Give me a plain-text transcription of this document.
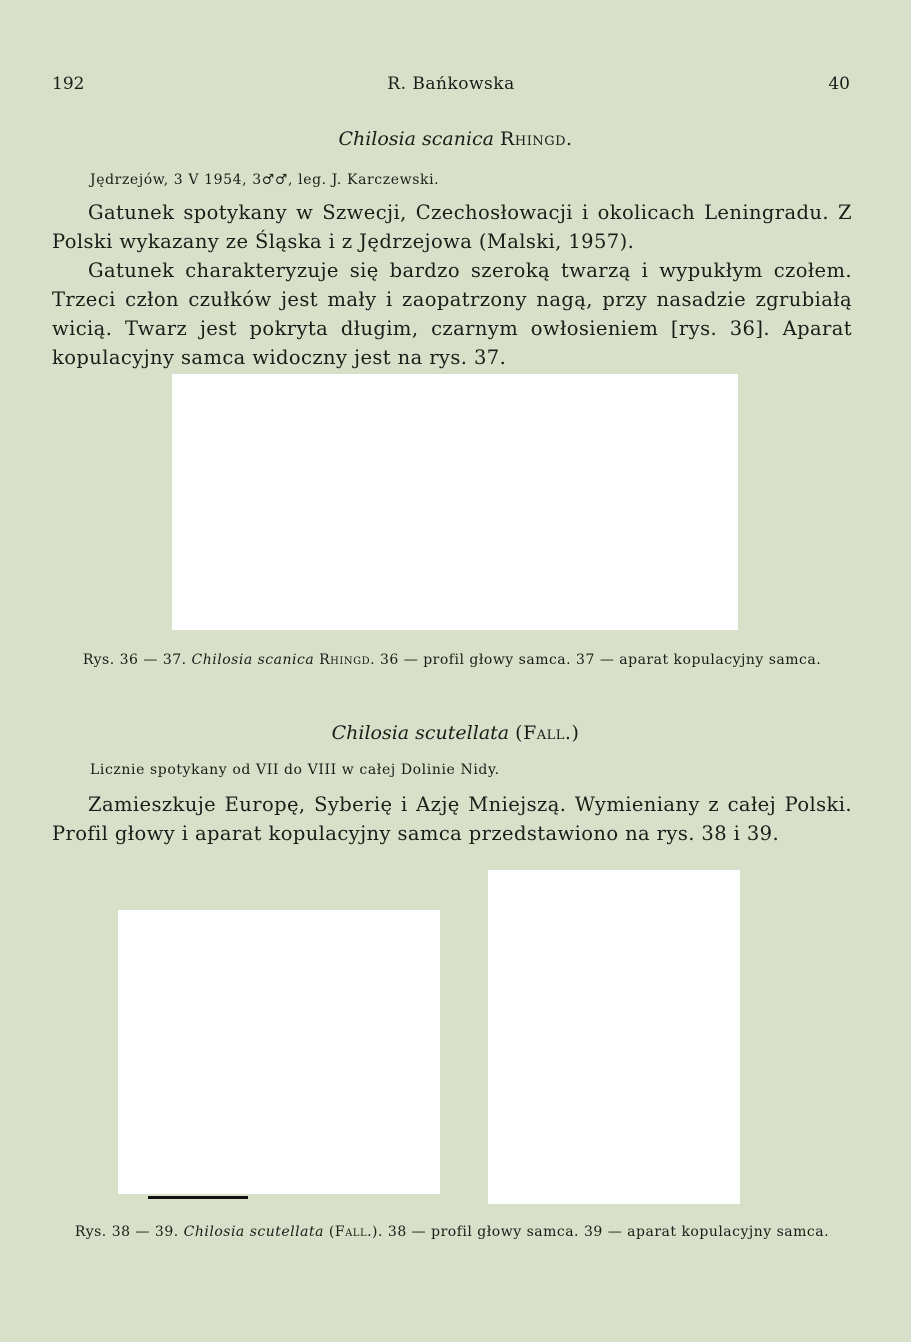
192	R. Bańkowska	40
Chilosia scanica Rhingd.
Jędrzejów, 3 V 1954, 3♂♂, leg. J. Karczewski.
Gatunek spotykany w Szwecji, Czechosłowacji i okolicach Leningradu. Z Polski wykazany ze Śląska i z Jędrzejowa (Malski, 1957).
Gatunek charakteryzuje się bardzo szeroką twarzą i wypukłym czołem. Trzeci człon czułków jest mały i zaopatrzony nagą, przy nasadzie zgrubiałą wicią. Twarz jest pokryta długim, czarnym owłosieniem [rys. 36]. Aparat kopulacyjny samca widoczny jest na rys. 37.
Rys. 36 — 37. Chilosia scanica Rhingd. 36 — profil głowy samca. 37 — aparat kopulacyjny samca.
Chilosia scutellata (Fall.)
Licznie spotykany od VII do VIII w całej Dolinie Nidy.
Zamieszkuje Europę, Syberię i Azję Mniejszą. Wymieniany z całej Polski. Profil głowy i aparat kopulacyjny samca przedstawiono na rys. 38 i 39.
Rys. 38 — 39. Chilosia scutellata (Fall.). 38 — profil głowy samca. 39 — aparat kopulacyjny samca.
